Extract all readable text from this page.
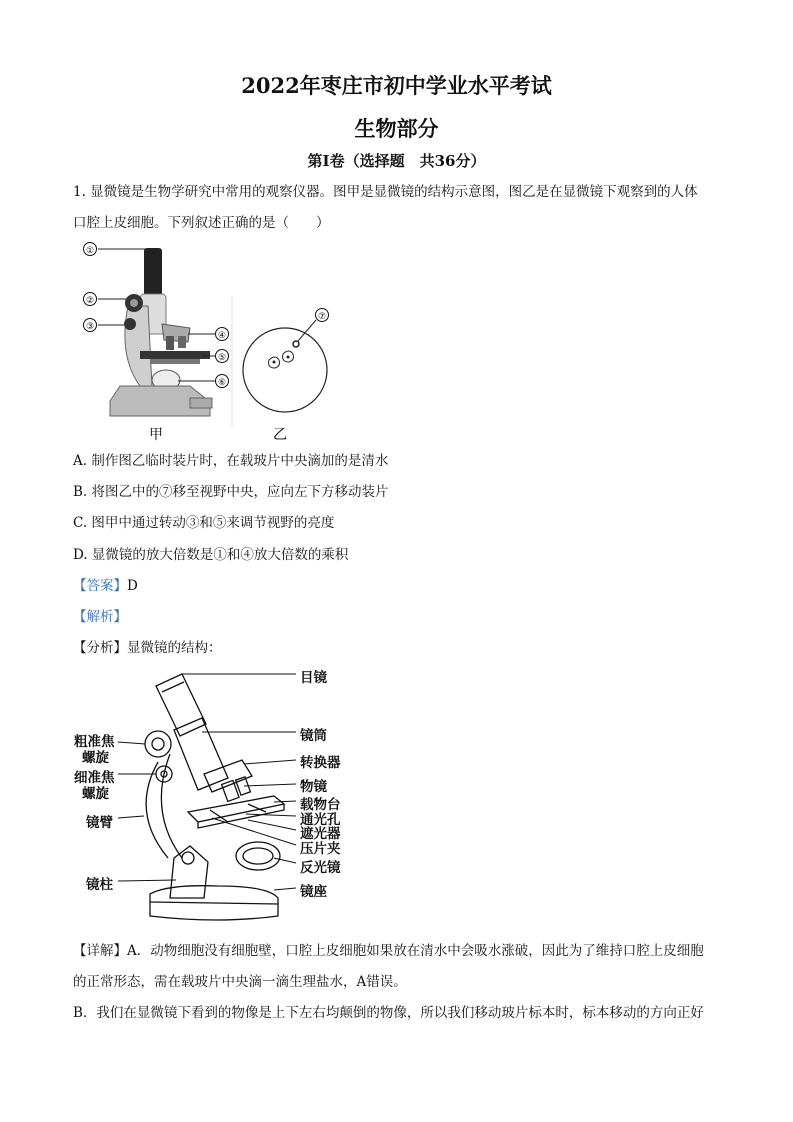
2022年枣庄市初中学业水平考试
生物部分
第Ⅰ卷（选择题　共36分）
1. 显微镜是生物学研究中常用的观察仪器。图甲是显微镜的结构示意图，图乙是在显微镜下观察到的人体
口腔上皮细胞。下列叙述正确的是（　　）
①
②
③
④
⑤
⑥
⑦
甲	乙
A. 制作图乙临时装片时，在载玻片中央滴加的是清水
B. 将图乙中的⑦移至视野中央，应向左下方移动装片
C. 图甲中通过转动③和⑤来调节视野的亮度
D. 显微镜的放大倍数是①和④放大倍数的乘积
【答案】D
【解析】
【分析】显微镜的结构：
目镜
镜筒
转换器
物镜
载物台
通光孔
遮光器
压片夹
反光镜
镜座
粗准焦
螺旋
细准焦
螺旋
镜臂
镜柱
【详解】A．动物细胞没有细胞壁，口腔上皮细胞如果放在清水中会吸水涨破，因此为了维持口腔上皮细胞
的正常形态，需在载玻片中央滴一滴生理盐水，A错误。
B．我们在显微镜下看到的物像是上下左右均颠倒的物像，所以我们移动玻片标本时，标本移动的方向正好
